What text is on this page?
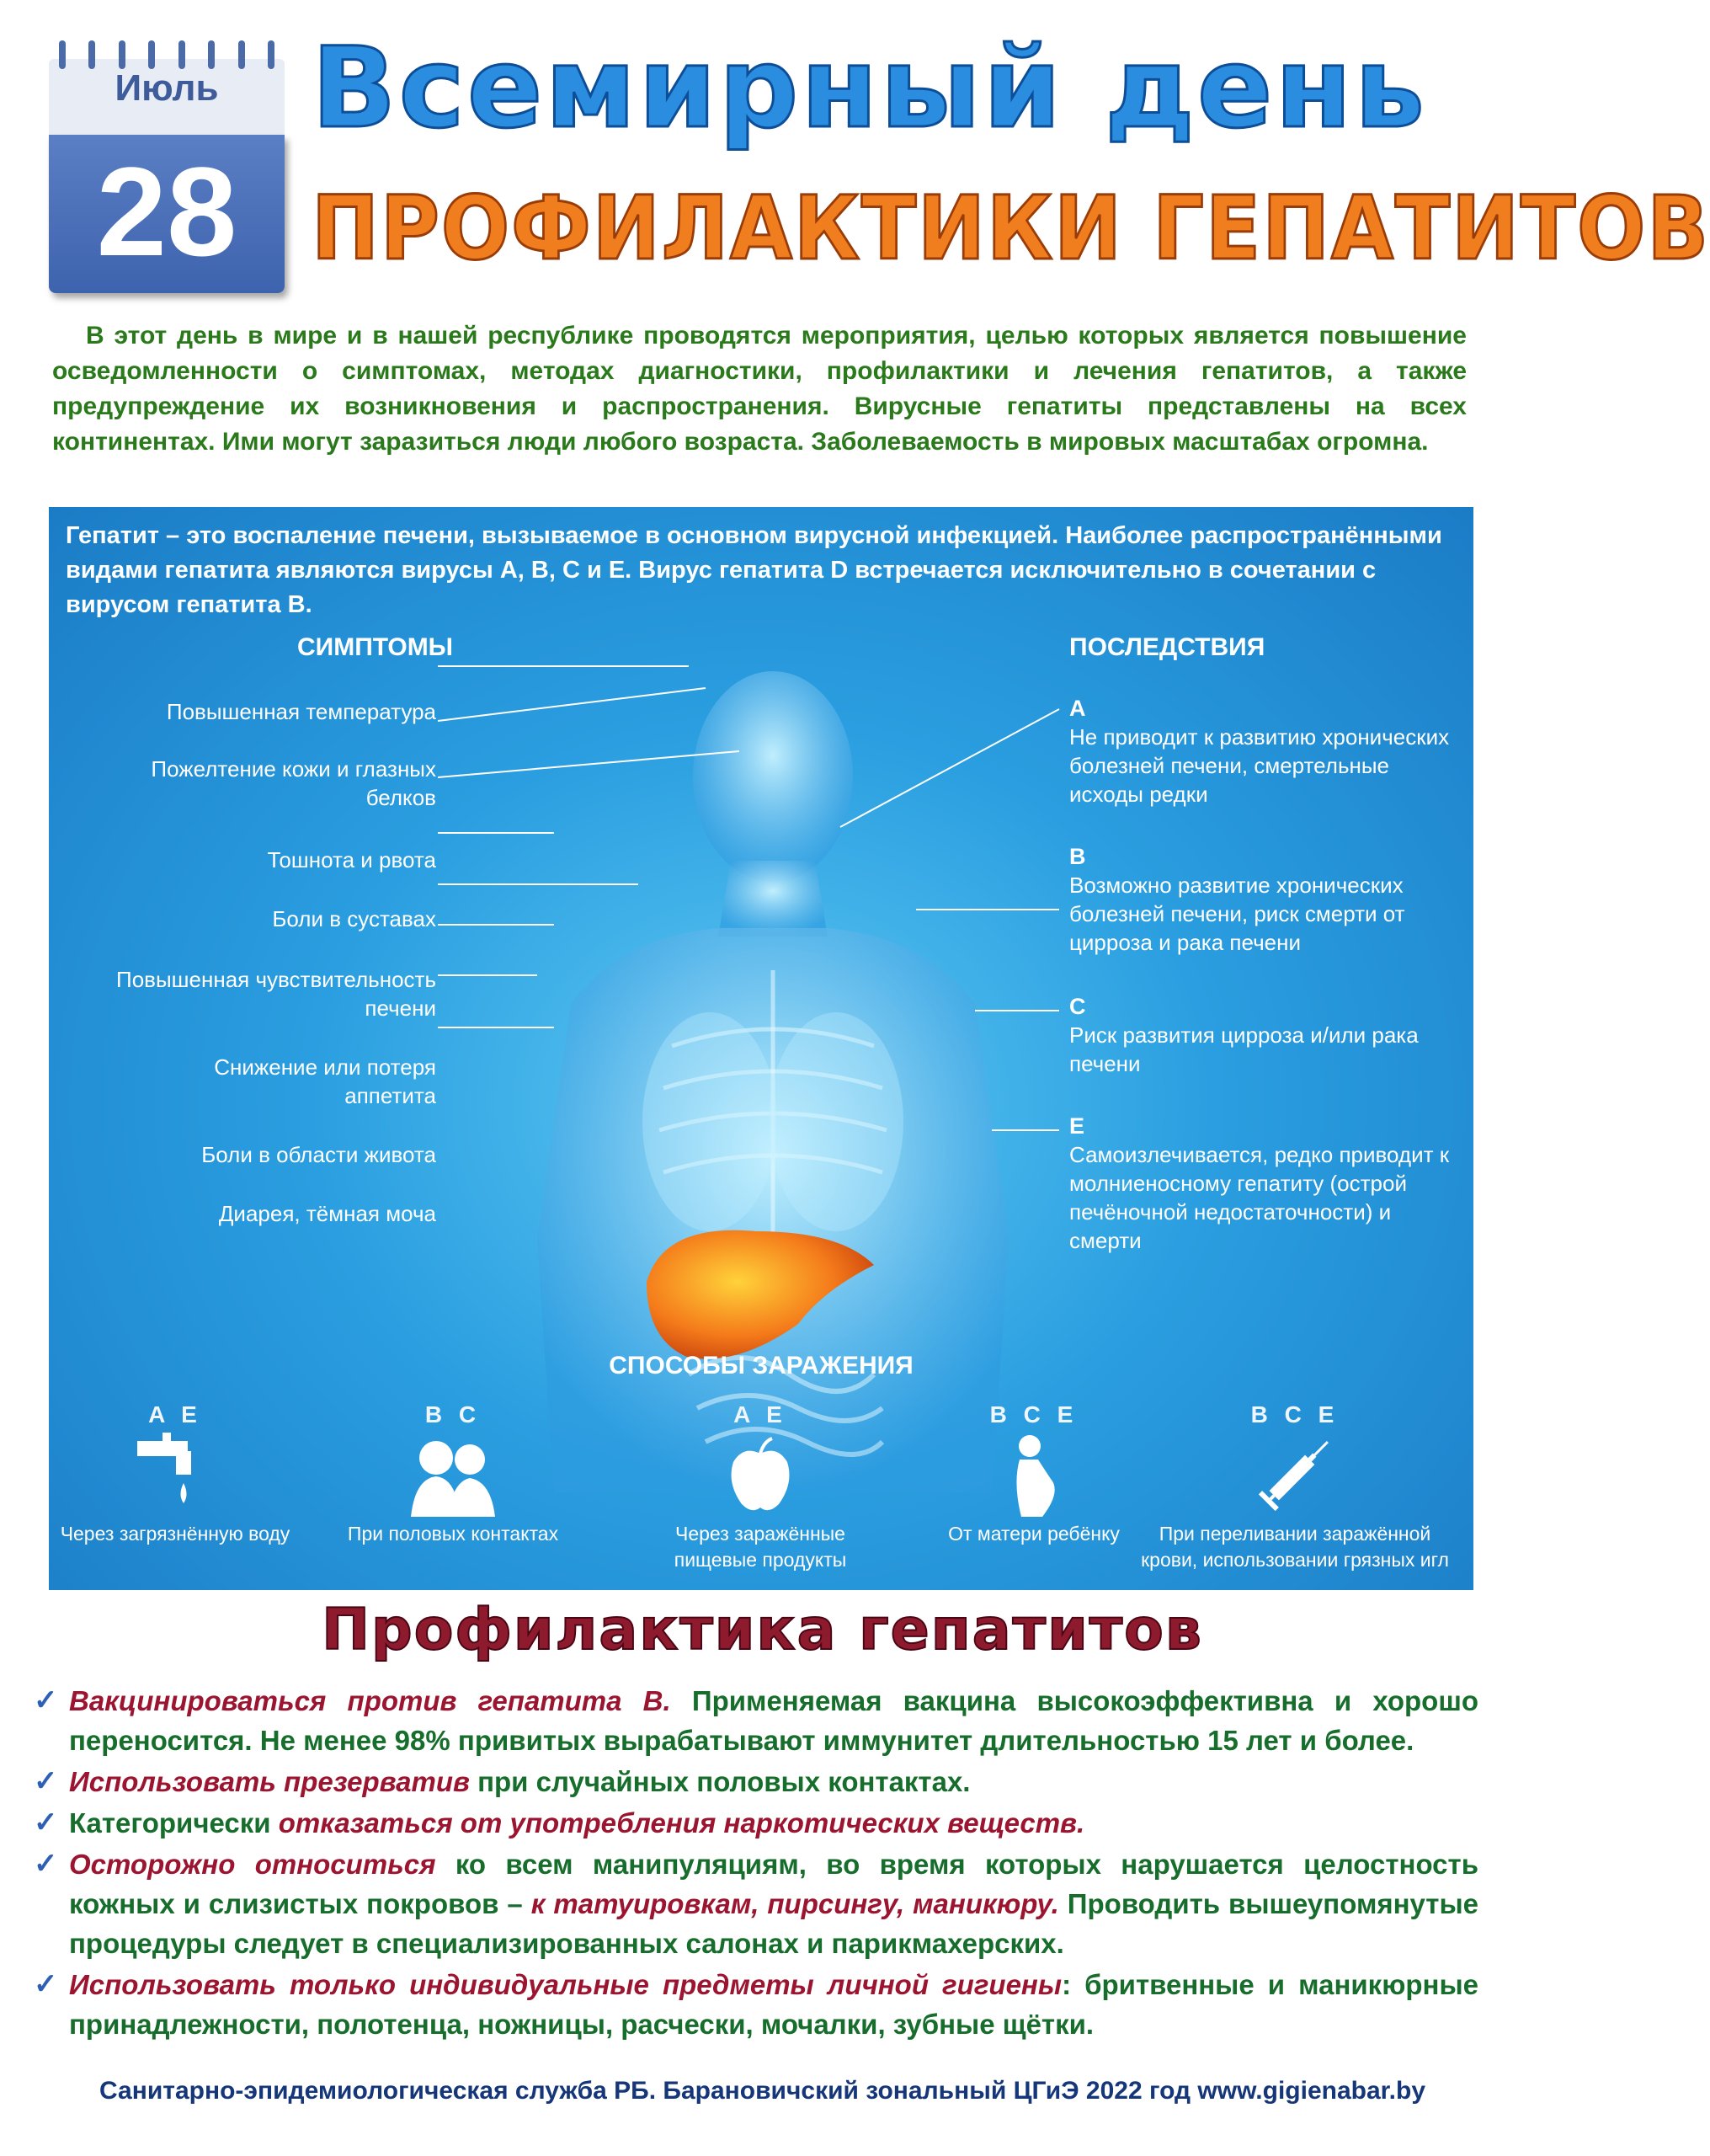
Июль
28
Всемирный день
ПРОФИЛАКТИКИ ГЕПАТИТОВ
В этот день в мире и в нашей республике проводятся мероприятия, целью которых является повышение осведомленности о симптомах, методах диагностики, профилактики и лечения гепатитов, а также предупреждение их возникновения и распространения. Вирусные гепатиты представлены на всех континентах. Ими могут заразиться люди любого возраста. Заболеваемость в мировых масштабах огромна.
Гепатит – это воспаление печени, вызываемое в основном вирусной инфекцией. Наиболее распространёнными видами гепатита являются вирусы A, B, C и E. Вирус гепатита D встречается исключительно в сочетании с вирусом гепатита B.
СИМПТОМЫ	ПОСЛЕДСТВИЯ
Повышенная температура
Пожелтение кожи и глазных белков
Тошнота и рвота
Боли в суставах
Повышенная чувствительность печени
Снижение или потеря аппетита
Боли в области живота
Диарея, тёмная моча
A
Не приводит к развитию хронических болезней печени, смертельные исходы редки
B
Возможно развитие хронических болезней печени, риск смерти от цирроза и рака печени
C
Риск развития цирроза и/или рака печени
E
Самоизлечивается, редко приводит к молниеносному гепатиту (острой печёночной недостаточности) и смерти
СПОСОБЫ ЗАРАЖЕНИЯ
A E
Через загрязнённую воду
B C
При половых контактах
A E
Через заражённые пищевые продукты
B C E
От матери ребёнку
B C E
При переливании заражённой крови, использовании грязных игл
Профилактика гепатитов
✓ Вакцинироваться против гепатита В. Применяемая вакцина высокоэффективна и хорошо переносится. Не менее 98% привитых вырабатывают иммунитет длительностью 15 лет и более.
✓ Использовать презерватив при случайных половых контактах.
✓ Категорически отказаться от употребления наркотических веществ.
✓ Осторожно относиться ко всем манипуляциям, во время которых нарушается целостность кожных и слизистых покровов – к татуировкам, пирсингу, маникюру. Проводить вышеупомянутые процедуры следует в специализированных салонах и парикмахерских.
✓ Использовать только индивидуальные предметы личной гигиены: бритвенные и маникюрные принадлежности, полотенца, ножницы, расчески, мочалки, зубные щётки.
Санитарно-эпидемиологическая служба РБ. Барановичский зональный ЦГиЭ 2022 год www.gigienabar.by
